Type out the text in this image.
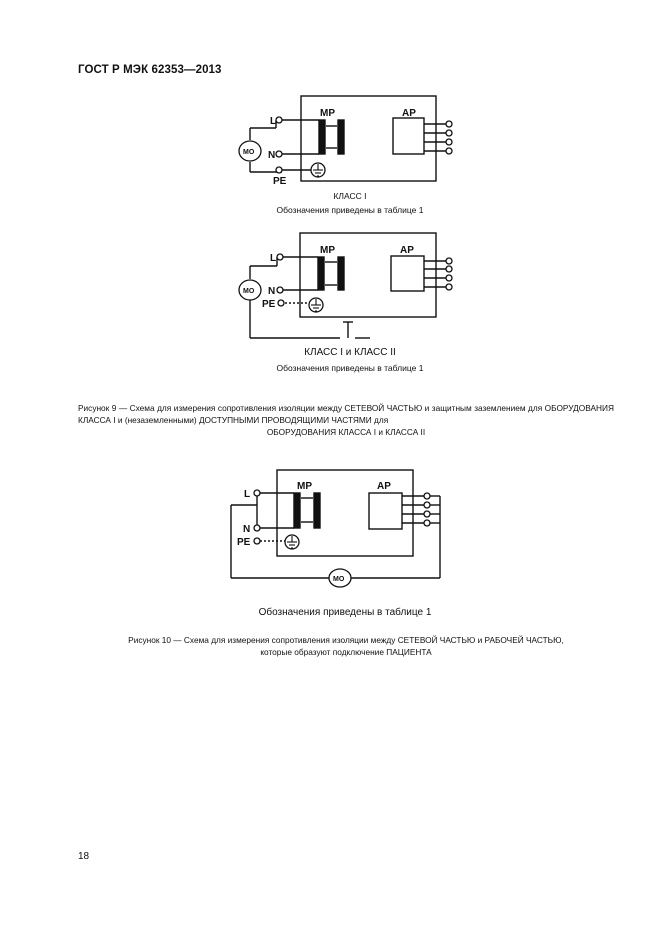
ГОСТ Р МЭК 62353—2013
L
N
PE
МР	АР
МО
КЛАСС I
Обозначения приведены в таблице 1
L
N
PE
МР	АР
МО
КЛАСС I и КЛАСС II
Обозначения приведены в таблице 1
Рисунок 9 — Схема для измерения сопротивления изоляции между СЕТЕВОЙ ЧАСТЬЮ и защитным заземлением для ОБОРУДОВАНИЯ КЛАССА I и (незаземленными) ДОСТУПНЫМИ ПРОВОДЯЩИМИ ЧАСТЯМИ для
ОБОРУДОВАНИЯ КЛАССА I и КЛАССА II
L
N
PE
МР	АР
МО
Обозначения приведены в таблице 1
Рисунок 10 — Схема для измерения сопротивления изоляции между СЕТЕВОЙ ЧАСТЬЮ и РАБОЧЕЙ ЧАСТЬЮ,
которые образуют подключение ПАЦИЕНТА
18
